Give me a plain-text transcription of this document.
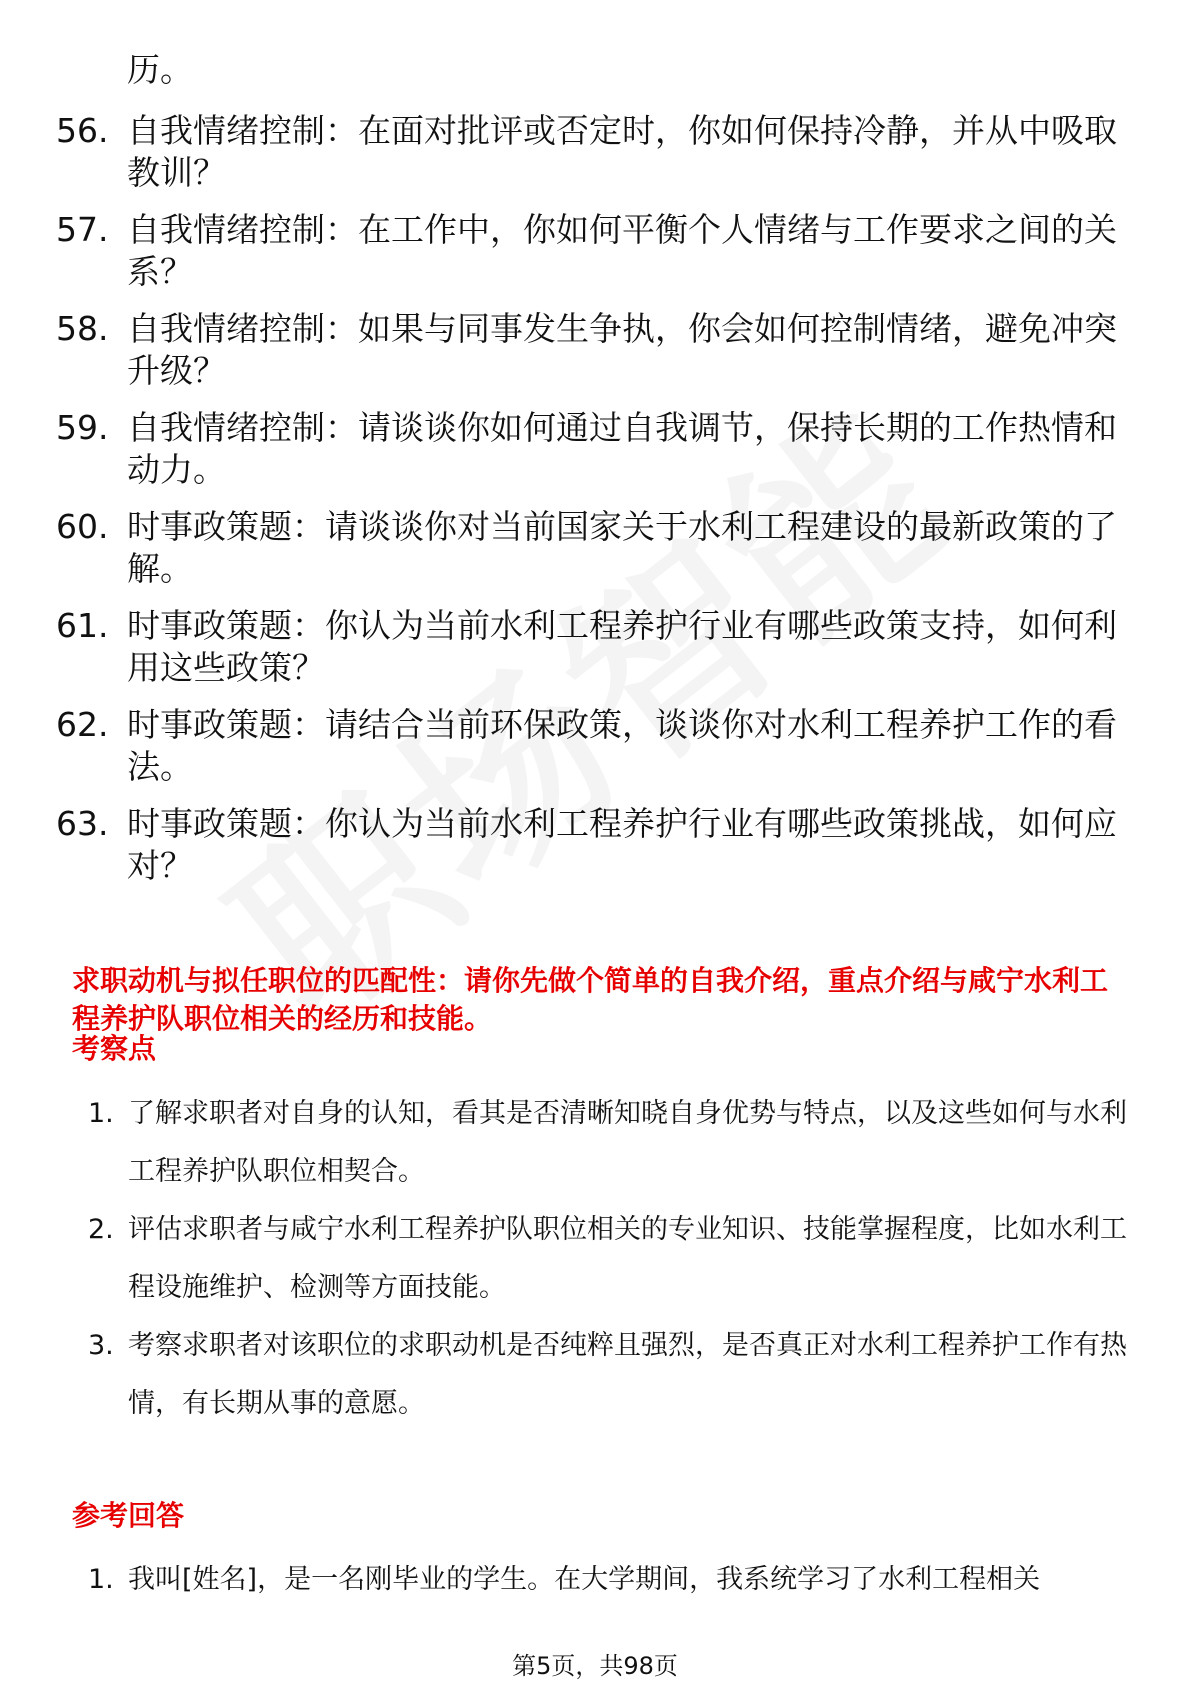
历。
56. 自我情绪控制：在面对批评或否定时，你如何保持冷静，并从中吸取教训？
57. 自我情绪控制：在工作中，你如何平衡个人情绪与工作要求之间的关系？
58. 自我情绪控制：如果与同事发生争执，你会如何控制情绪，避免冲突升级？
59. 自我情绪控制：请谈谈你如何通过自我调节，保持长期的工作热情和动力。
60. 时事政策题：请谈谈你对当前国家关于水利工程建设的最新政策的了解。
61. 时事政策题：你认为当前水利工程养护行业有哪些政策支持，如何利用这些政策？
62. 时事政策题：请结合当前环保政策，谈谈你对水利工程养护工作的看法。
63. 时事政策题：你认为当前水利工程养护行业有哪些政策挑战，如何应对？
求职动机与拟任职位的匹配性：请你先做个简单的自我介绍，重点介绍与咸宁水利工程养护队职位相关的经历和技能。
考察点
1. 了解求职者对自身的认知，看其是否清晰知晓自身优势与特点，以及这些如何与水利工程养护队职位相契合。
2. 评估求职者与咸宁水利工程养护队职位相关的专业知识、技能掌握程度，比如水利工程设施维护、检测等方面技能。
3. 考察求职者对该职位的求职动机是否纯粹且强烈，是否真正对水利工程养护工作有热情，有长期从事的意愿。
参考回答
1. 我叫[姓名]，是一名刚毕业的学生。在大学期间，我系统学习了水利工程相关
第5页，共98页
